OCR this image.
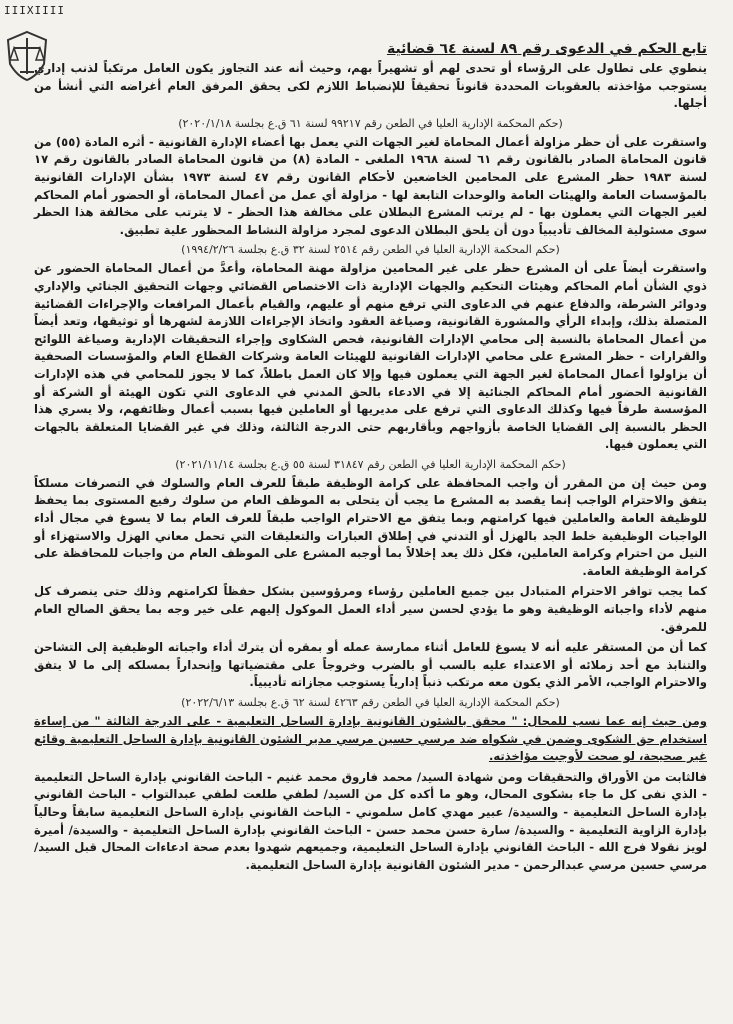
IIIXIIII
تابع الحكم في الدعوى رقم ٨٩ لسنة ٦٤ قضائية

ينطوي على تطاول على الرؤساء أو تحدى لهم أو تشهيراً بهم، وحيث أنه عند التجاوز يكون العامل مرتكباً لذنب إداري يستوجب مؤاخذته بالعقوبات المحددة قانوناً تحقيقاً للإنضباط اللازم لكى يحقق المرفق العام أغراضه التي أنشأ من أجلها.

(حكم المحكمة الإدارية العليا في الطعن رقم ٩٩٢١٧ لسنة ٦١ ق.ع بجلسة ٢٠٢٠/١/١٨)

واستقرت على أن حظر مزاولة أعمال المحاماة لغير الجهات التي يعمل بها أعضاء الإدارة القانونية - أثره المادة (٥٥) من قانون المحاماة الصادر بالقانون رقم ٦١ لسنة ١٩٦٨ الملغى - المادة (٨) من قانون المحاماة الصادر بالقانون رقم ١٧ لسنة ١٩٨٣ حظر المشرع على المحامين الخاضعين لأحكام القانون رقم ٤٧ لسنة ١٩٧٣ بشأن الإدارات القانونية بالمؤسسات العامة والهيئات العامة والوحدات التابعة لها - مزاولة أي عمل من أعمال المحاماة، أو الحضور أمام المحاكم لغير الجهات التي يعملون بها - لم يرتب المشرع البطلان على مخالفة هذا الحظر - لا يترتب على مخالفة هذا الحظر سوى مسئولية المخالف تأديبياً دون أن يلحق البطلان الدعوى لمجرد مزاولة النشاط المحظور علية تطبيق.

(حكم المحكمة الإدارية العليا في الطعن رقم ٢٥١٤ لسنة ٣٢ ق.ع بجلسة ١٩٩٤/٢/٢٦)

واستقرت أيضاً على أن المشرع حظر على غير المحامين مزاولة مهنة المحاماة، وأعدَّ من أعمال المحاماة الحضور عن ذوي الشأن أمام المحاكم وهيئات التحكيم والجهات الإدارية ذات الاختصاص القضائي وجهات التحقيق الجنائي والإداري ودوائر الشرطة، والدفاع عنهم في الدعاوى التي ترفع منهم أو عليهم، والقيام بأعمال المرافعات والإجراءات القضائية المتصلة بذلك، وإبداء الرأي والمشورة القانونية، وصياغة العقود واتخاذ الإجراءات اللازمة لشهرها أو توثيقها، وتعد أيضاً من أعمال المحاماة بالنسبة إلى محامي الإدارات القانونية، فحص الشكاوى وإجراء التحقيقات الإدارية وصياغة اللوائح والقرارات - حظر المشرع على محامي الإدارات القانونية للهيئات العامة وشركات القطاع العام والمؤسسات الصحفية أن يزاولوا أعمال المحاماة لغير الجهة التي يعملون فيها وإلا كان العمل باطلاً، كما لا يجوز للمحامي في هذه الإدارات القانونية الحضور أمام المحاكم الجنائية إلا في الادعاء بالحق المدني في الدعاوى التي تكون الهيئة أو الشركة أو المؤسسة طرفاً فيها وكذلك الدعاوى التي ترفع على مديريها أو العاملين فيها بسبب أعمال وظائفهم، ولا يسري هذا الحظر بالنسبة إلى القضايا الخاصة بأزواجهم وبأقاربهم حتى الدرجة الثالثة، وذلك في غير القضايا المتعلقة بالجهات التي يعملون فيها.

(حكم المحكمة الإدارية العليا في الطعن رقم ٣١٨٤٧ لسنة ٥٥ ق.ع بجلسة ٢٠٢١/١١/١٤)

ومن حيث إن من المقرر أن واجب المحافظة على كرامة الوظيفة طبقاً للعرف العام والسلوك في التصرفات مسلكاً يتفق والاحترام الواجب إنما يقصد به المشرع ما يجب أن يتحلى به الموظف العام من سلوك رفيع المستوى بما يحفظ للوظيفة العامة والعاملين فيها كرامتهم وبما يتفق مع الاحترام الواجب طبقاً للعرف العام بما لا يسوغ في مجال أداء الواجبات الوظيفية خلط الجد بالهزل أو التدني في إطلاق العبارات والتعليقات التي تحمل معاني الهزل والاستهزاء أو النيل من احترام وكرامة العاملين، فكل ذلك يعد إخلالاً بما أوجبه المشرع على الموظف العام من واجبات للمحافظة على كرامة الوظيفة العامة.

كما يجب توافر الاحترام المتبادل بين جميع العاملين رؤساء ومرؤوسين بشكل حفظاً لكرامتهم وذلك حتى ينصرف كل منهم لأداء واجباته الوظيفية وهو ما يؤدي لحسن سير أداء العمل الموكول إليهم على خير وجه بما يحقق الصالح العام للمرفق.

كما أن من المستقر عليه أنه لا يسوغ للعامل أثناء ممارسة عمله أو بمقره أن يترك أداء واجباته الوظيفية إلى التشاحن والتنابذ مع أحد زملائه أو الاعتداء عليه بالسب أو بالضرب وخروجاً على مقتضياتها وإنحداراً بمسلكه إلى ما لا يتفق والاحترام الواجب، الأمر الذي يكون معه مرتكب ذنباً إدارياً يستوجب مجازاته تأديبياً.

(حكم المحكمة الإدارية العليا في الطعن رقم ٤٢٦٣ لسنة ٦٢ ق.ع بجلسة ٢٠٢٢/٦/١٣)

ومن حيث إنه عما نسب للمحال: " محقق بالشئون القانونية بإدارة الساحل التعليمية - على الدرجة الثالثة " من إساءة استخدام حق الشكوى وضمن في شكواه ضد مرسي حسين مرسي مدير الشئون القانونية بإدارة الساحل التعليمية وقائع غير صحيحة، لو صحت لأوجبت مؤاخذته.

فالثابت من الأوراق والتحقيقات ومن شهادة السيد/ محمد فاروق محمد غنيم - الباحث القانوني بإدارة الساحل التعليمية - الذي نفى كل ما جاء بشكوى المحال، وهو ما أكده كل من السيد/ لطفي طلعت لطفي عبدالتواب - الباحث القانوني بإدارة الساحل التعليمية - والسيدة/ عبير مهدي كامل سلموني - الباحث القانوني بإدارة الساحل التعليمية سابقاً وحالياً بإدارة الزاوية التعليمية - والسيدة/ سارة حسن محمد حسن - الباحث القانوني بإدارة الساحل التعليمية - والسيدة/ أميرة لويز نقولا فرج الله - الباحث القانوني بإدارة الساحل التعليمية، وجميعهم شهدوا بعدم صحة ادعاءات المحال قبل السيد/ مرسي حسين مرسي عبدالرحمن - مدير الشئون القانونية بإدارة الساحل التعليمية.
